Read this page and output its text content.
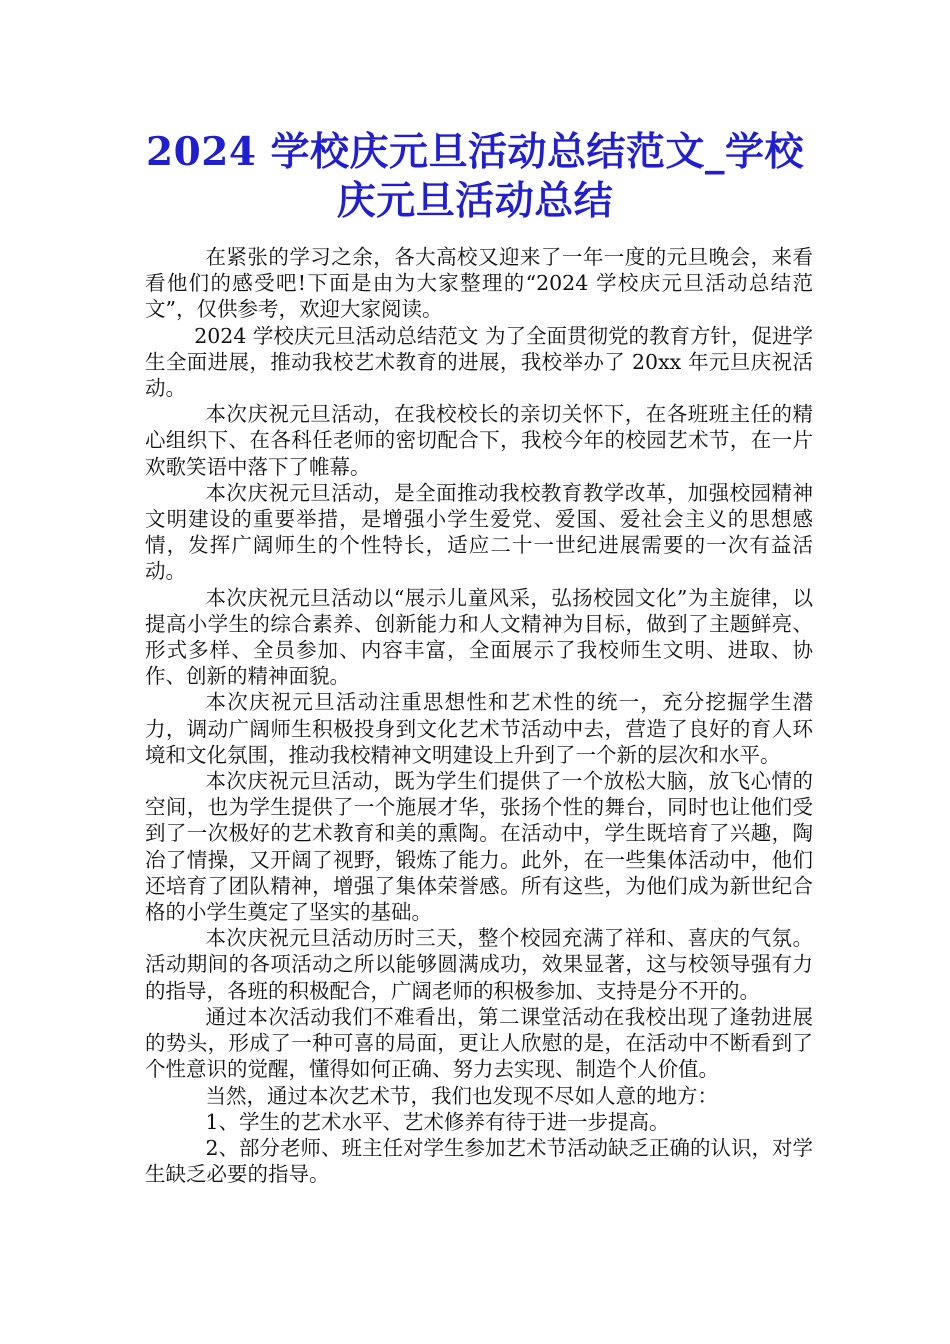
2024 学校庆元旦活动总结范文_学校庆元旦活动总结

在紧张的学习之余，各大高校又迎来了一年一度的元旦晚会，来看看他们的感受吧!下面是由为大家整理的“2024 学校庆元旦活动总结范文”，仅供参考，欢迎大家阅读。

2024 学校庆元旦活动总结范文 为了全面贯彻党的教育方针，促进学生全面进展，推动我校艺术教育的进展，我校举办了 20xx 年元旦庆祝活动。

本次庆祝元旦活动，在我校校长的亲切关怀下，在各班班主任的精心组织下、在各科任老师的密切配合下，我校今年的校园艺术节，在一片欢歌笑语中落下了帷幕。

本次庆祝元旦活动，是全面推动我校教育教学改革，加强校园精神文明建设的重要举措，是增强小学生爱党、爱国、爱社会主义的思想感情，发挥广阔师生的个性特长，适应二十一世纪进展需要的一次有益活动。

本次庆祝元旦活动以“展示儿童风采，弘扬校园文化”为主旋律，以提高小学生的综合素养、创新能力和人文精神为目标，做到了主题鲜亮、形式多样、全员参加、内容丰富，全面展示了我校师生文明、进取、协作、创新的精神面貌。

本次庆祝元旦活动注重思想性和艺术性的统一，充分挖掘学生潜力，调动广阔师生积极投身到文化艺术节活动中去，营造了良好的育人环境和文化氛围，推动我校精神文明建设上升到了一个新的层次和水平。

本次庆祝元旦活动，既为学生们提供了一个放松大脑，放飞心情的空间，也为学生提供了一个施展才华，张扬个性的舞台，同时也让他们受到了一次极好的艺术教育和美的熏陶。在活动中，学生既培育了兴趣，陶冶了情操，又开阔了视野，锻炼了能力。此外，在一些集体活动中，他们还培育了团队精神，增强了集体荣誉感。所有这些，为他们成为新世纪合格的小学生奠定了坚实的基础。

本次庆祝元旦活动历时三天，整个校园充满了祥和、喜庆的气氛。活动期间的各项活动之所以能够圆满成功，效果显著，这与校领导强有力的指导，各班的积极配合，广阔老师的积极参加、支持是分不开的。

通过本次活动我们不难看出，第二课堂活动在我校出现了逢勃进展的势头，形成了一种可喜的局面，更让人欣慰的是，在活动中不断看到了个性意识的觉醒，懂得如何正确、努力去实现、制造个人价值。

当然，通过本次艺术节，我们也发现不尽如人意的地方：

1、学生的艺术水平、艺术修养有待于进一步提高。

2、部分老师、班主任对学生参加艺术节活动缺乏正确的认识，对学生缺乏必要的指导。
